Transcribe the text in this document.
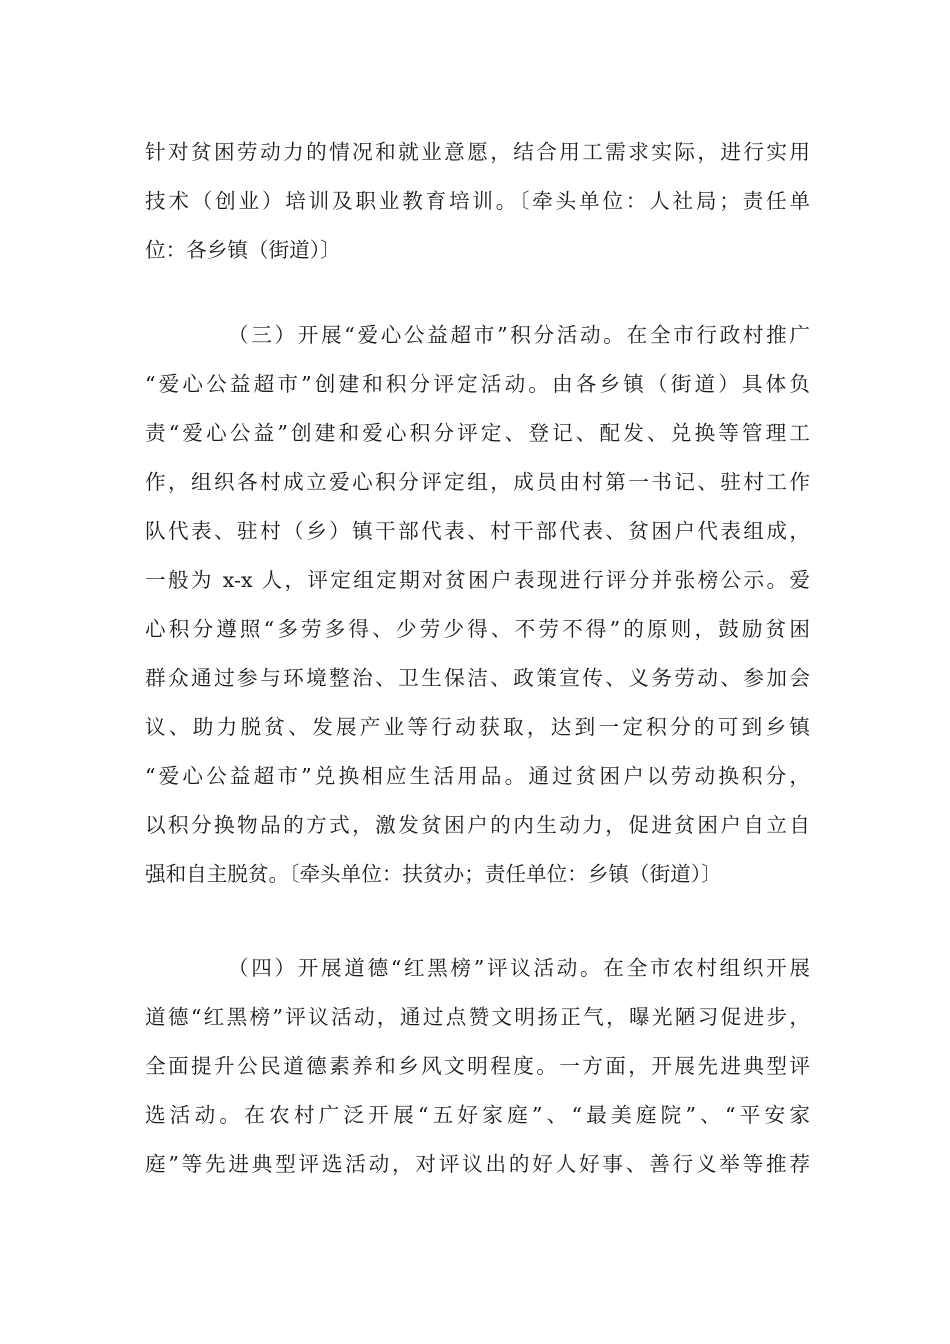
针对贫困劳动力的情况和就业意愿，结合用工需求实际，进行实用
技术（创业）培训及职业教育培训。〔牵头单位：人社局；责任单
位：各乡镇（街道）〕
（三）开展“爱心公益超市”积分活动。在全市行政村推广
“爱心公益超市”创建和积分评定活动。由各乡镇（街道）具体负
责“爱心公益”创建和爱心积分评定、登记、配发、兑换等管理工
作，组织各村成立爱心积分评定组，成员由村第一书记、驻村工作
队代表、驻村（乡）镇干部代表、村干部代表、贫困户代表组成，
一般为 x-x 人，评定组定期对贫困户表现进行评分并张榜公示。爱
心积分遵照“多劳多得、少劳少得、不劳不得”的原则，鼓励贫困
群众通过参与环境整治、卫生保洁、政策宣传、义务劳动、参加会
议、助力脱贫、发展产业等行动获取，达到一定积分的可到乡镇
“爱心公益超市”兑换相应生活用品。通过贫困户以劳动换积分，
以积分换物品的方式，激发贫困户的内生动力，促进贫困户自立自
强和自主脱贫。〔牵头单位：扶贫办；责任单位：乡镇（街道）〕
（四）开展道德“红黑榜”评议活动。在全市农村组织开展
道德“红黑榜”评议活动，通过点赞文明扬正气，曝光陋习促进步，
全面提升公民道德素养和乡风文明程度。一方面，开展先进典型评
选活动。在农村广泛开展“五好家庭”、“最美庭院”、“平安家
庭”等先进典型评选活动，对评议出的好人好事、善行义举等推荐
